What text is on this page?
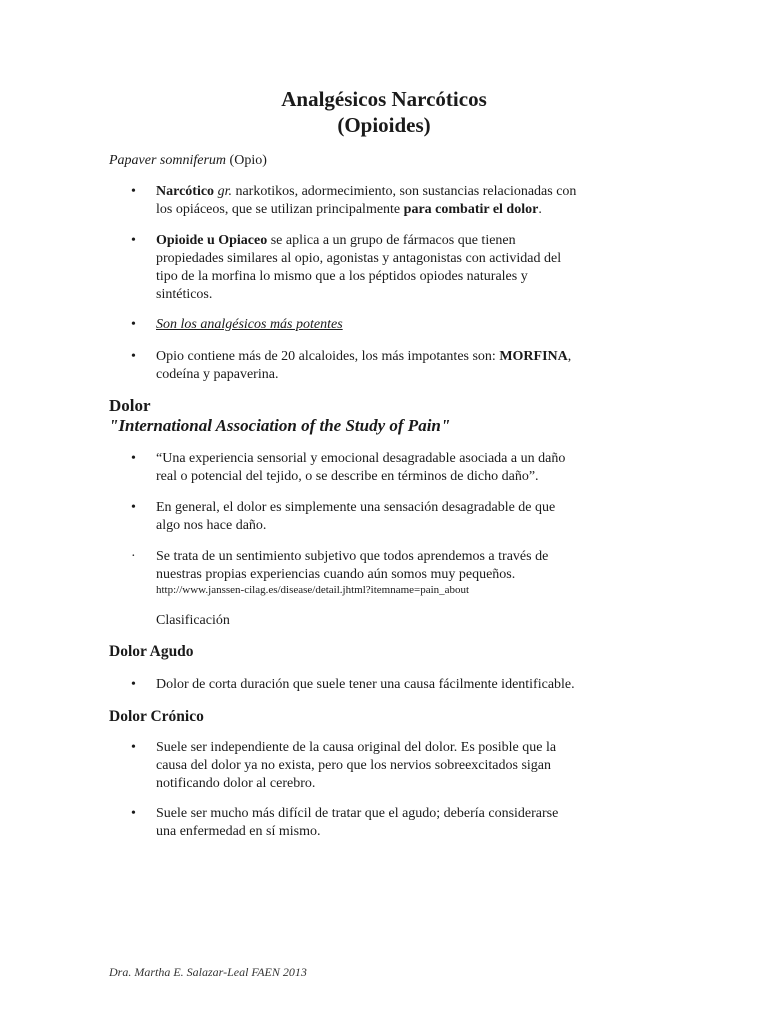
Analgésicos Narcóticos
(Opioides)
Papaver somniferum (Opio)
• Narcótico gr. narkotikos, adormecimiento, son sustancias relacionadas con

los opiáceos, que se utilizan principalmente para combatir el dolor.

• Opioide u Opiaceo se aplica a un grupo de fármacos que tienen

propiedades similares al opio, agonistas y antagonistas con actividad del

tipo de la morfina lo mismo que a los péptidos opiodes naturales y

sintéticos.

• Son los analgésicos más potentes

• Opio contiene más de 20 alcaloides, los más impotantes son: MORFINA,

codeína y papaverina.

Dolor
"International Association of the Study of Pain"
• “Una experiencia sensorial y emocional desagradable asociada a un daño

real o potencial del tejido, o se describe en términos de dicho daño”.

• En general, el dolor es simplemente una sensación desagradable de que

algo nos hace daño.

· Se trata de un sentimiento subjetivo que todos aprendemos a través de

nuestras propias experiencias cuando aún somos muy pequeños.

http://www.janssen-cilag.es/disease/detail.jhtml?itemname=pain_about
Clasificación
Dolor Agudo
• Dolor de corta duración que suele tener una causa fácilmente identificable.

Dolor Crónico
• Suele ser independiente de la causa original del dolor. Es posible que la

causa del dolor ya no exista, pero que los nervios sobreexcitados sigan

notificando dolor al cerebro.

• Suele ser mucho más difícil de tratar que el agudo; debería considerarse

una enfermedad en sí mismo.

Dra. Martha E. Salazar-Leal FAEN 2013
